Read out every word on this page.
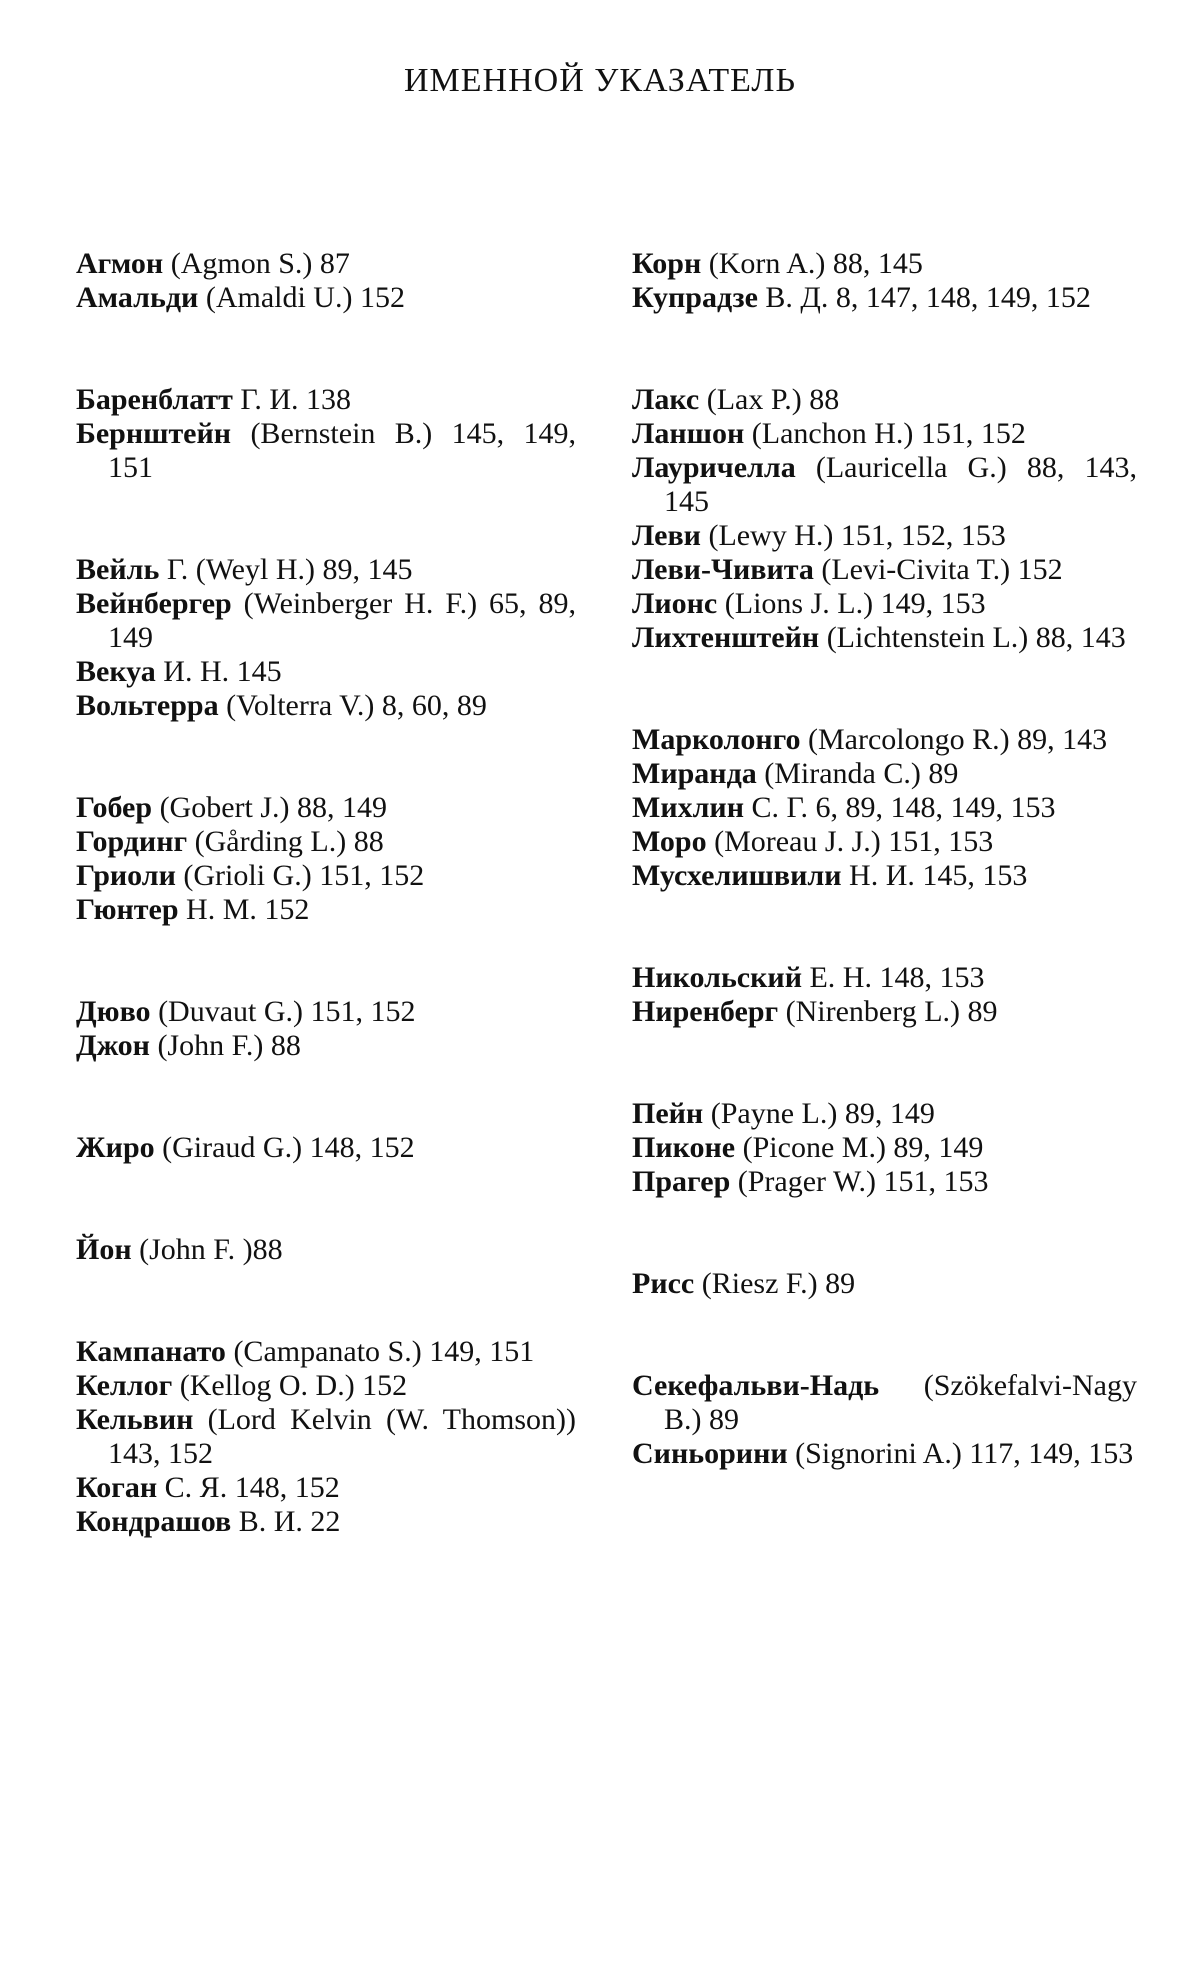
ИМЕННОЙ УКАЗАТЕЛЬ
Агмон (Agmon S.) 87
Амальди (Amaldi U.) 152
Баренблатт Г. И. 138
Бернштейн (Bernstein B.) 145, 149, 151
Вейль Г. (Weyl H.) 89, 145
Вейнбергер (Weinberger H. F.) 65, 89, 149
Векуа И. Н. 145
Вольтерра (Volterra V.) 8, 60, 89
Гобер (Gobert J.) 88, 149
Гординг (Gårding L.) 88
Гриоли (Grioli G.) 151, 152
Гюнтер Н. М. 152
Дюво (Duvaut G.) 151, 152
Джон (John F.) 88
Жиро (Giraud G.) 148, 152
Йон (John F. )88
Кампанато (Campanato S.) 149, 151
Келлог (Kellog O. D.) 152
Кельвин (Lord Kelvin (W. Thomson)) 143, 152
Коган С. Я. 148, 152
Кондрашов В. И. 22
Корн (Korn A.) 88, 145
Купрадзе В. Д. 8, 147, 148, 149, 152
Лакс (Lax P.) 88
Ланшон (Lanchon H.) 151, 152
Лауричелла (Lauricella G.) 88, 143, 145
Леви (Lewy H.) 151, 152, 153
Леви-Чивита (Levi-Civita T.) 152
Лионс (Lions J. L.) 149, 153
Лихтенштейн (Lichtenstein L.) 88, 143
Марколонго (Marcolongo R.) 89, 143
Миранда (Miranda C.) 89
Михлин С. Г. 6, 89, 148, 149, 153
Моро (Moreau J. J.) 151, 153
Мусхелишвили Н. И. 145, 153
Никольский Е. Н. 148, 153
Ниренберг (Nirenberg L.) 89
Пейн (Payne L.) 89, 149
Пиконе (Picone M.) 89, 149
Прагер (Prager W.) 151, 153
Рисс (Riesz F.) 89
Секефальви-Надь (Szökefalvi-Nagy B.) 89
Синьорини (Signorini A.) 117, 149, 153
